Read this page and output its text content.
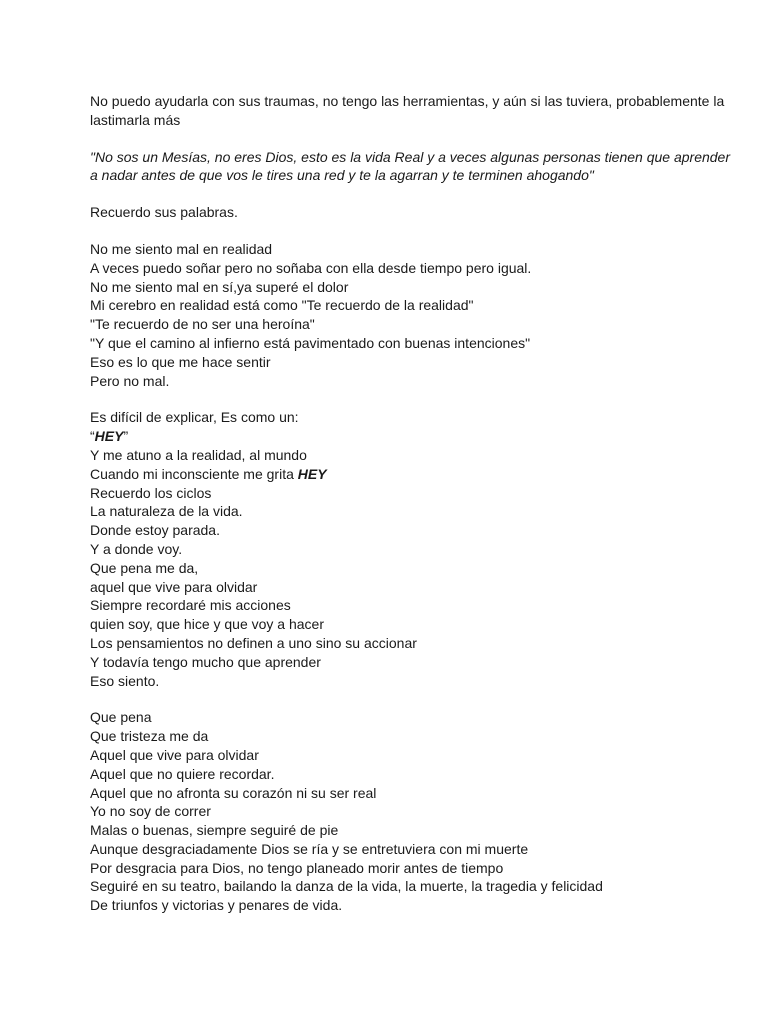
No puedo ayudarla con sus traumas, no tengo las herramientas, y aún si las tuviera, probablemente la lastimarla más
"No sos un Mesías, no eres Dios, esto es la vida Real y a veces algunas personas tienen que aprender a nadar antes de que vos le tires una red y te la agarran y te terminen ahogando"
Recuerdo sus palabras.
No me siento mal en realidad
A veces puedo soñar pero no soñaba con ella desde tiempo pero igual.
No me siento mal en sí,ya superé el dolor
Mi cerebro en realidad está como "Te recuerdo de la realidad"
"Te recuerdo de no ser una heroína"
"Y que el camino al infierno está pavimentado con buenas intenciones"
Eso es lo que me hace sentir
Pero no mal.
Es difícil de explicar, Es como un:
“HEY”
Y me atuno a la realidad, al mundo
Cuando mi inconsciente me grita HEY
Recuerdo los ciclos
La naturaleza de la vida.
Donde estoy parada.
Y a donde voy.
Que pena me da,
aquel que vive para olvidar
Siempre recordaré mis acciones
quien soy, que hice y que voy a hacer
Los pensamientos no definen a uno sino su accionar
Y todavía tengo mucho que aprender
Eso siento.
Que pena
Que tristeza me da
Aquel que vive para olvidar
Aquel que no quiere recordar.
Aquel que no afronta su corazón ni su ser real
Yo no soy de correr
Malas o buenas, siempre seguiré de pie
Aunque desgraciadamente Dios se ría y se entretuviera con mi muerte
Por desgracia para Dios, no tengo planeado morir antes de tiempo
Seguiré en su teatro, bailando la danza de la vida, la muerte, la tragedia y felicidad
De triunfos y victorias y penares de vida.
